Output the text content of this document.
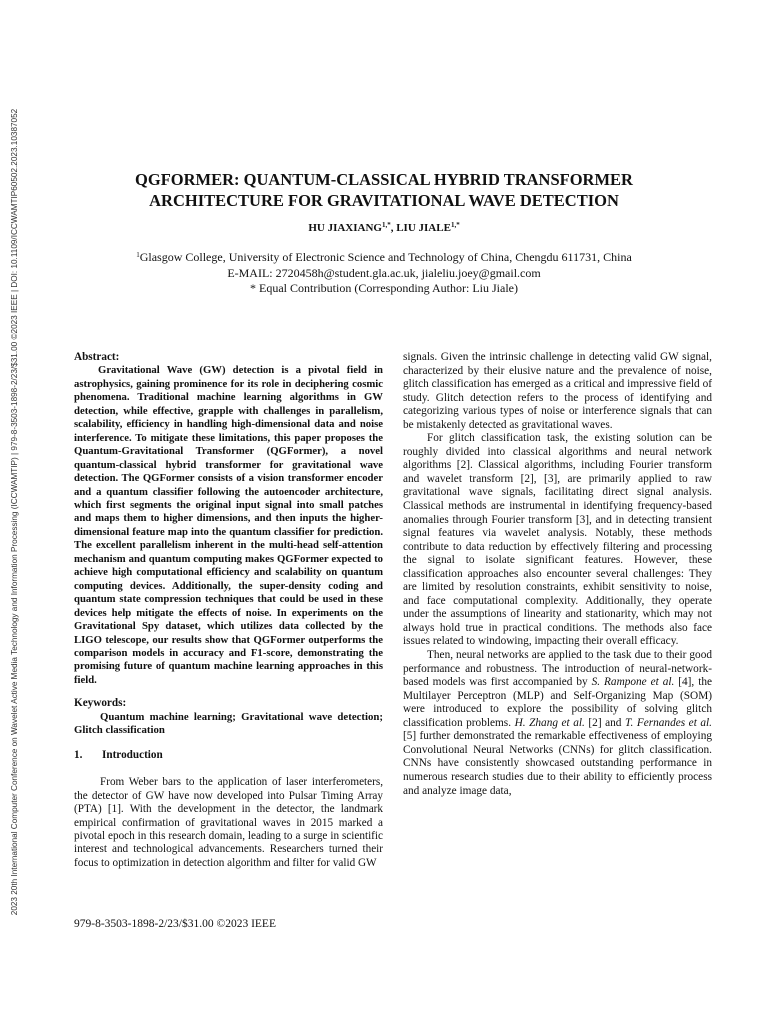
2023 20th International Computer Conference on Wavelet Active Media Technology and Information Processing (ICCWAMTIP) | 979-8-3503-1898-2/23/$31.00 ©2023 IEEE | DOI: 10.1109/ICCWAMTIP60502.2023.10387052	QGFORMER: QUANTUM-CLASSICAL HYBRID TRANSFORMER
ARCHITECTURE FOR GRAVITATIONAL WAVE DETECTION
HU $JIAXIANG^{1,*}$, LIU $JIALE^{1,*}$
$^1$Glasgow College, University of Electronic Science and Technology of China, Chengdu 611731, China
E-MAIL: 2720458h@student.gla.ac.uk, jialeliu.joey@gmail.com
* Equal Contribution (Corresponding Author: Liu Jiale)

Abstract:

Gravitational Wave (GW) detection is a pivotal field in astrophysics, gaining prominence for its role in deciphering cosmic phenomena. Traditional machine learning algorithms in GW detection, while effective, grapple with challenges in parallelism, scalability, efficiency in handling high-dimensional data and noise interference. To mitigate these limitations, this paper proposes the Quantum-Gravitational Transformer (QGFormer), a novel quantum-classical hybrid transformer for gravitational wave detection. The QGFormer consists of a vision transformer encoder and a quantum classifier following the autoencoder architecture, which first segments the original input signal into small patches and maps them to higher dimensions, and then inputs the higher-dimensional feature map into the quantum classifier for prediction. The excellent parallelism inherent in the multi-head self-attention mechanism and quantum computing makes QGFormer expected to achieve high computational efficiency and scalability on quantum computing devices. Additionally, the super-density coding and quantum state compression techniques that could be used in these devices help mitigate the effects of noise. In experiments on the Gravitational Spy dataset, which utilizes data collected by the LIGO telescope, our results show that QGFormer outperforms the comparison models in accuracy and F1-score, demonstrating the promising future of quantum machine learning approaches in this field.

Keywords:

Quantum machine learning; Gravitational wave detection; Glitch classification

1. Introduction

From Weber bars to the application of laser interferometers, the detector of GW have now developed into Pulsar Timing Array (PTA) [1]. With the development in the detector, the landmark empirical confirmation of gravitational waves in 2015 marked a pivotal epoch in this research domain, leading to a surge in scientific interest and technological advancements. Researchers turned their focus to optimization in detection algorithm and filter for valid GW

signals. Given the intrinsic challenge in detecting valid GW signal, characterized by their elusive nature and the prevalence of noise, glitch classification has emerged as a critical and impressive field of study. Glitch detection refers to the process of identifying and categorizing various types of noise or interference signals that can be mistakenly detected as gravitational waves.

For glitch classification task, the existing solution can be roughly divided into classical algorithms and neural network algorithms [2]. Classical algorithms, including Fourier transform and wavelet transform [2], [3], are primarily applied to raw gravitational wave signals, facilitating direct signal analysis. Classical methods are instrumental in identifying frequency-based anomalies through Fourier transform [3], and in detecting transient signal features via wavelet analysis. Notably, these methods contribute to data reduction by effectively filtering and processing the signal to isolate significant features. However, these classification approaches also encounter several challenges: They are limited by resolution constraints, exhibit sensitivity to noise, and face computational complexity. Additionally, they operate under the assumptions of linearity and stationarity, which may not always hold true in practical conditions. The methods also face issues related to windowing, impacting their overall efficacy.

Then, neural networks are applied to the task due to their good performance and robustness. The introduction of neural-network-based models was first accompanied by S. Rampone et al. [4], the Multilayer Perceptron (MLP) and Self-Organizing Map (SOM) were introduced to explore the possibility of solving glitch classification problems. H. Zhang et al. [2] and T. Fernandes et al. [5] further demonstrated the remarkable effectiveness of employing Convolutional Neural Networks (CNNs) for glitch classification. CNNs have consistently showcased outstanding performance in numerous research studies due to their ability to efficiently process and analyze image data,

979-8-3503-1898-2/23/$31.00 ©2023 IEEE
